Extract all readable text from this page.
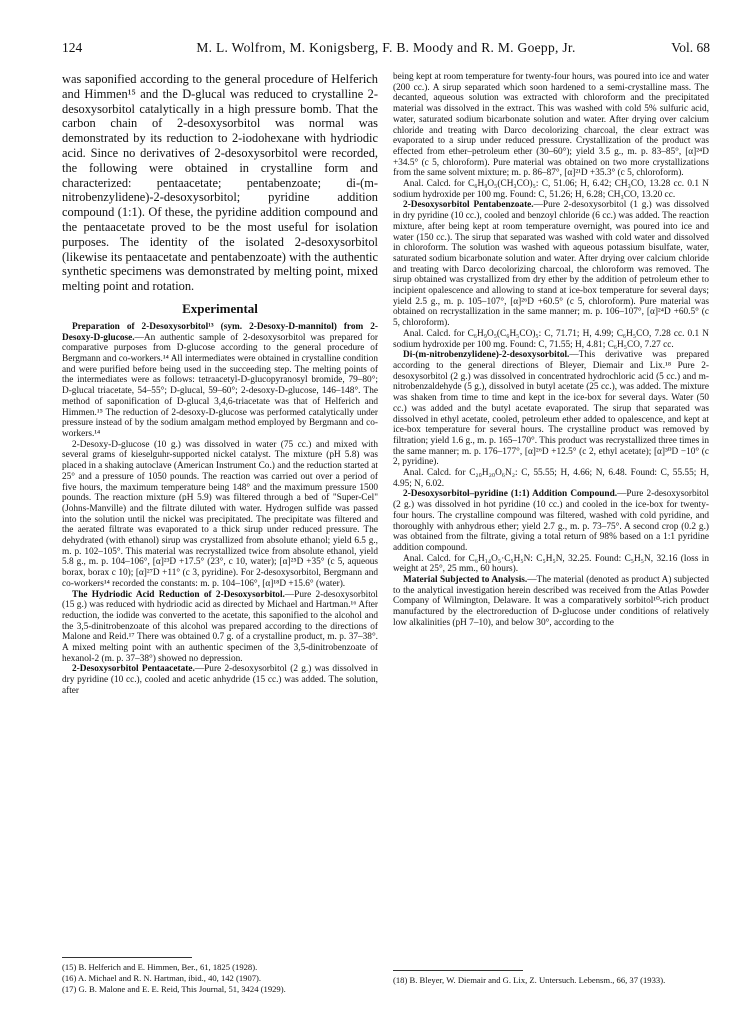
124	M. L. Wolfrom, M. Konigsberg, F. B. Moody and R. M. Goepp, Jr.	Vol. 68

was saponified according to the general procedure of Helferich and Himmen¹⁵ and the D-glucal was reduced to crystalline 2-desoxysorbitol catalytically in a high pressure bomb. That the carbon chain of 2-desoxysorbitol was normal was demonstrated by its reduction to 2-iodohexane with hydriodic acid. Since no derivatives of 2-desoxysorbitol were recorded, the following were obtained in crystalline form and characterized: pentaacetate; pentabenzoate; di-(m-nitrobenzylidene)-2-desoxysorbitol; pyridine addition compound (1:1). Of these, the pyridine addition compound and the pentaacetate proved to be the most useful for isolation purposes. The identity of the isolated 2-desoxysorbitol (likewise its pentaacetate and pentabenzoate) with the authentic synthetic specimens was demonstrated by melting point, mixed melting point and rotation.

Experimental

Preparation of 2-Desoxysorbitol¹³ (sym. 2-Desoxy-D-mannitol) from 2-Desoxy-D-glucose.—An authentic sample of 2-desoxysorbitol was prepared for comparative purposes from D-glucose according to the general procedure of Bergmann and co-workers.¹⁴ All intermediates were obtained in crystalline condition and were purified before being used in the succeeding step. The melting points of the intermediates were as follows: tetraacetyl-D-glucopyranosyl bromide, 79–80°; D-glucal triacetate, 54–55°; D-glucal, 59–60°; 2-desoxy-D-glucose, 146–148°. The method of saponification of D-glucal 3,4,6-triacetate was that of Helferich and Himmen.¹⁵ The reduction of 2-desoxy-D-glucose was performed catalytically under pressure instead of by the sodium amalgam method employed by Bergmann and co-workers.¹⁴

2-Desoxy-D-glucose (10 g.) was dissolved in water (75 cc.) and mixed with several grams of kieselguhr-supported nickel catalyst. The mixture (pH 5.8) was placed in a shaking autoclave (American Instrument Co.) and the reduction started at 25° and a pressure of 1050 pounds. The reaction was carried out over a period of five hours, the maximum temperature being 148° and the maximum pressure 1500 pounds. The reaction mixture (pH 5.9) was filtered through a bed of "Super-Cel" (Johns-Manville) and the filtrate diluted with water. Hydrogen sulfide was passed into the solution until the nickel was precipitated. The precipitate was filtered and the aerated filtrate was evaporated to a thick sirup under reduced pressure. The dehydrated (with ethanol) sirup was crystallized from absolute ethanol; yield 6.5 g., m. p. 102–105°. This material was recrystallized twice from absolute ethanol, yield 5.8 g., m. p. 104–106°, [α]²³D +17.5° (23°, c 10, water); [α]²⁵D +35° (c 5, aqueous borax, borax c 10); [α]²⁷D +11° (c 3, pyridine). For 2-desoxysorbitol, Bergmann and co-workers¹⁴ recorded the constants: m. p. 104–106°, [α]¹⁸D +15.6° (water).

The Hydriodic Acid Reduction of 2-Desoxysorbitol.—Pure 2-desoxysorbitol (15 g.) was reduced with hydriodic acid as directed by Michael and Hartman.¹⁶ After reduction, the iodide was converted to the acetate, this saponified to the alcohol and the 3,5-dinitrobenzoate of this alcohol was prepared according to the directions of Malone and Reid.¹⁷ There was obtained 0.7 g. of a crystalline product, m. p. 37–38°. A mixed melting point with an authentic specimen of the 3,5-dinitrobenzoate of hexanol-2 (m. p. 37–38°) showed no depression.

2-Desoxysorbitol Pentaacetate.—Pure 2-desoxysorbitol (2 g.) was dissolved in dry pyridine (10 cc.), cooled and acetic anhydride (15 cc.) was added. The solution, after

being kept at room temperature for twenty-four hours, was poured into ice and water (200 cc.). A sirup separated which soon hardened to a semi-crystalline mass. The decanted, aqueous solution was extracted with chloroform and the precipitated material was dissolved in the extract. This was washed with cold 5% sulfuric acid, water, saturated sodium bicarbonate solution and water. After drying over calcium chloride and treating with Darco decolorizing charcoal, the clear extract was evaporated to a sirup under reduced pressure. Crystallization of the product was effected from ether–petroleum ether (30–60°); yield 3.5 g., m. p. 83–85°, [α]²⁴D +34.5° (c 5, chloroform). Pure material was obtained on two more crystallizations from the same solvent mixture; m. p. 86–87°, [α]²¹D +35.3° (c 5, chloroform).

Anal. Calcd. for C₆H₉O₅(CH₃CO)₅: C, 51.06; H, 6.42; CH₃CO, 13.28 cc. 0.1 N sodium hydroxide per 100 mg. Found: C, 51.26; H, 6.28; CH₃CO, 13.20 cc.

2-Desoxysorbitol Pentabenzoate.—Pure 2-desoxysorbitol (1 g.) was dissolved in dry pyridine (10 cc.), cooled and benzoyl chloride (6 cc.) was added. The reaction mixture, after being kept at room temperature overnight, was poured into ice and water (150 cc.). The sirup that separated was washed with cold water and dissolved in chloroform. The solution was washed with aqueous potassium bisulfate, water, saturated sodium bicarbonate solution and water. After drying over calcium chloride and treating with Darco decolorizing charcoal, the chloroform was removed. The sirup obtained was crystallized from dry ether by the addition of petroleum ether to incipient opalescence and allowing to stand at ice-box temperature for several days; yield 2.5 g., m. p. 105–107°, [α]²⁶D +60.5° (c 5, chloroform). Pure material was obtained on recrystallization in the same manner; m. p. 106–107°, [α]²⁴D +60.5° (c 5, chloroform).

Anal. Calcd. for C₆H₉O₅(C₆H₅CO)₅: C, 71.71; H, 4.99; C₆H₅CO, 7.28 cc. 0.1 N sodium hydroxide per 100 mg. Found: C, 71.55; H, 4.81; C₆H₅CO, 7.27 cc.

Di-(m-nitrobenzylidene)-2-desoxysorbitol.—This derivative was prepared according to the general directions of Bleyer, Diemair and Lix.¹⁸ Pure 2-desoxysorbitol (2 g.) was dissolved in concentrated hydrochloric acid (5 cc.) and m-nitrobenzaldehyde (5 g.), dissolved in butyl acetate (25 cc.), was added. The mixture was shaken from time to time and kept in the ice-box for several days. Water (50 cc.) was added and the butyl acetate evaporated. The sirup that separated was dissolved in ethyl acetate, cooled, petroleum ether added to opalescence, and kept at ice-box temperature for several hours. The crystalline product was removed by filtration; yield 1.6 g., m. p. 165–170°. This product was recrystallized three times in the same manner; m. p. 176–177°, [α]²⁶D +12.5° (c 2, ethyl acetate); [α]³⁰D −10° (c 2, pyridine).

Anal. Calcd. for C₂₀H₂₀O₆N₂: C, 55.55; H, 4.66; N, 6.48. Found: C, 55.55; H, 4.95; N, 6.02.

2-Desoxysorbitol–pyridine (1:1) Addition Compound.—Pure 2-desoxysorbitol (2 g.) was dissolved in hot pyridine (10 cc.) and cooled in the ice-box for twenty-four hours. The crystalline compound was filtered, washed with cold pyridine, and thoroughly with anhydrous ether; yield 2.7 g., m. p. 73–75°. A second crop (0.2 g.) was obtained from the filtrate, giving a total return of 98% based on a 1:1 pyridine addition compound.

Anal. Calcd. for C₆H₁₄O₅·C₅H₅N: C₅H₅N, 32.25. Found: C₅H₅N, 32.16 (loss in weight at 25°, 25 mm., 60 hours).

Material Subjected to Analysis.—The material (denoted as product A) subjected to the analytical investigation herein described was received from the Atlas Powder Company of Wilmington, Delaware. It was a comparatively sorbitol¹⁰-rich product manufactured by the electroreduction of D-glucose under conditions of relatively low alkalinities (pH 7–10), and below 30°, according to the

(15) B. Helferich and E. Himmen, Ber., 61, 1825 (1928).

(16) A. Michael and R. N. Hartman, ibid., 40, 142 (1907).

(17) G. B. Malone and E. E. Reid, This Journal, 51, 3424 (1929).

(18) B. Bleyer, W. Diemair and G. Lix, Z. Untersuch. Lebensm., 66, 37 (1933).
